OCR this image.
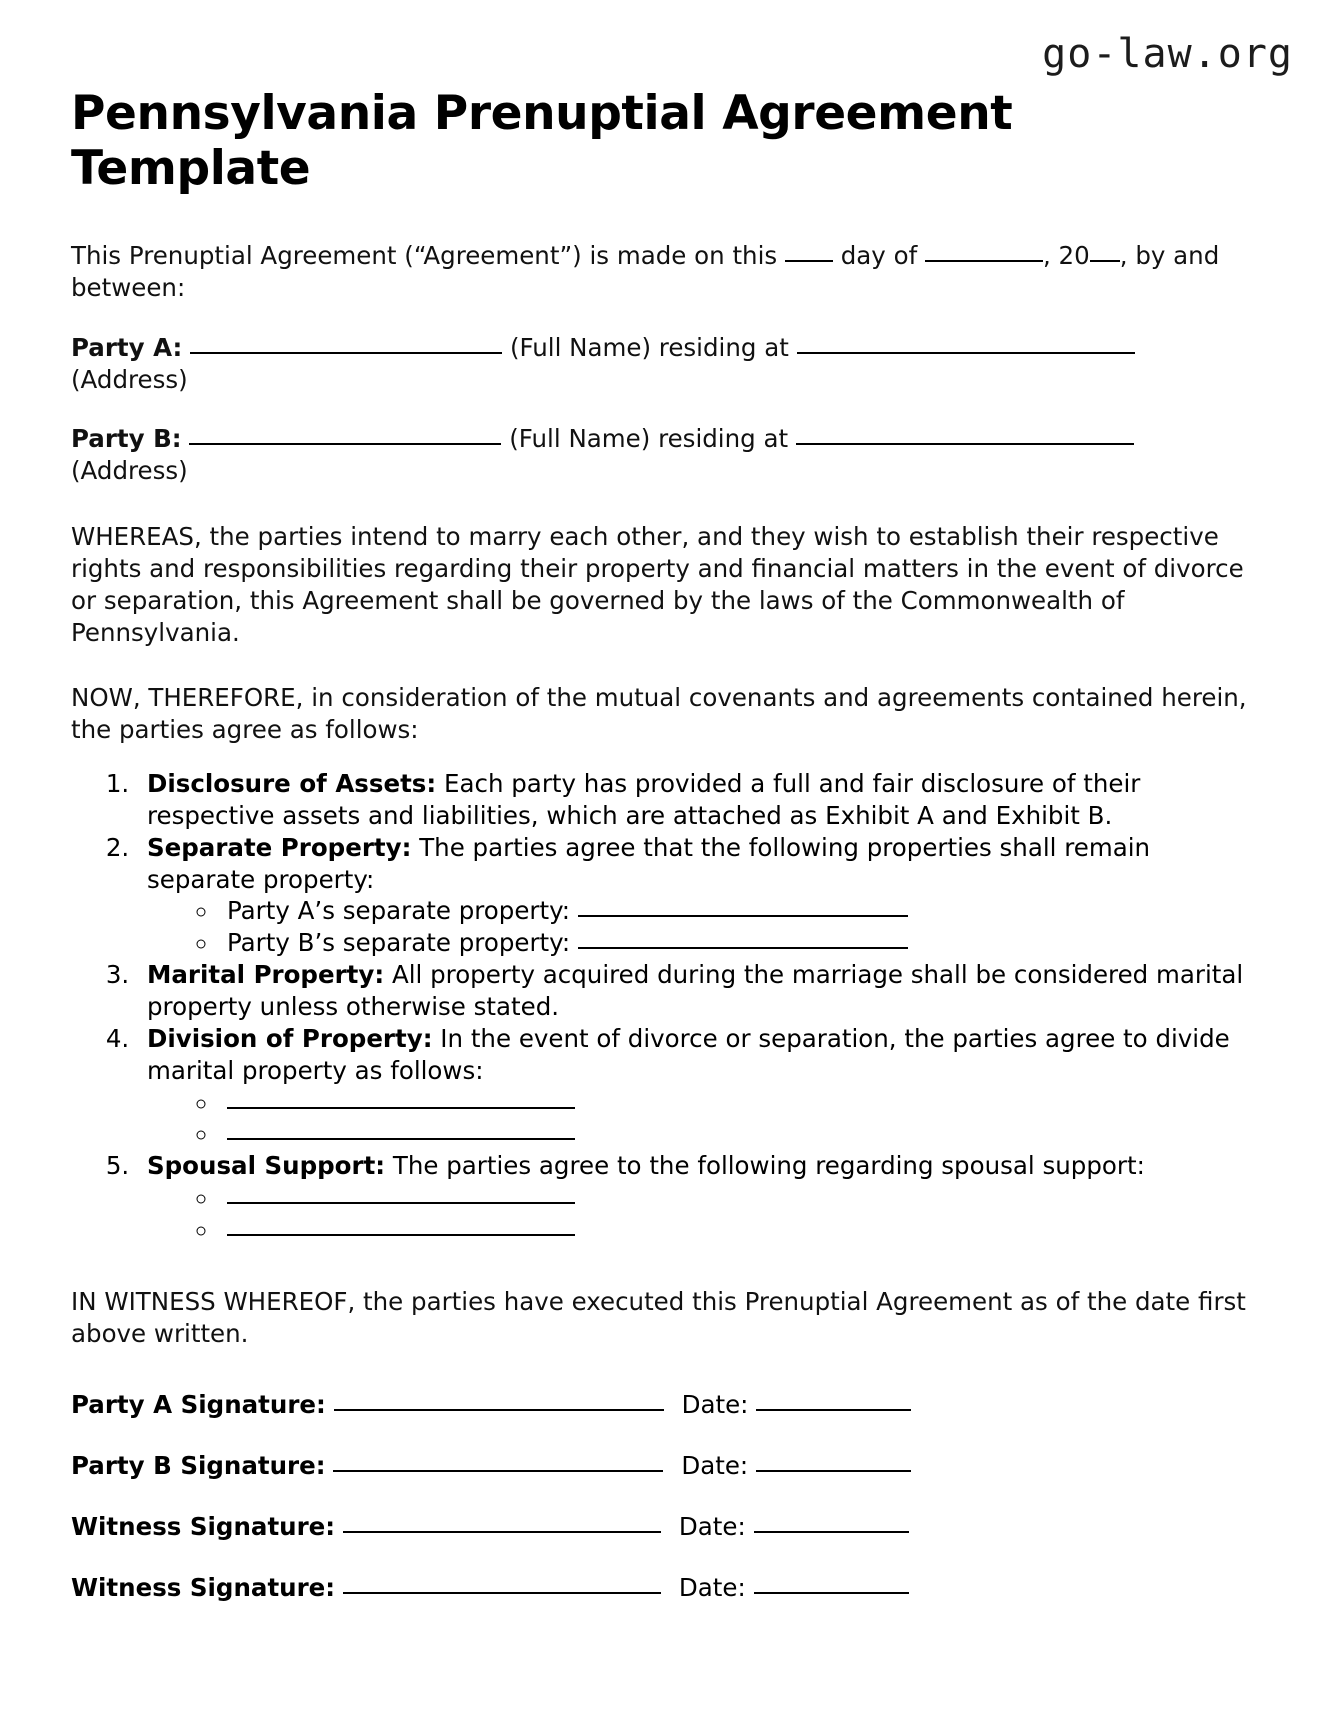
go-law.org
Pennsylvania Prenuptial Agreement Template

This Prenuptial Agreement (“Agreement”) is made on this  day of	, 20 , by and between:

Party A:	(Full Name) residing at
(Address)

Party B:	(Full Name) residing at
(Address)

WHEREAS, the parties intend to marry each other, and they wish to establish their respective rights and responsibilities regarding their property and financial matters in the event of divorce or separation, this Agreement shall be governed by the laws of the Commonwealth of Pennsylvania.

NOW, THEREFORE, in consideration of the mutual covenants and agreements contained herein, the parties agree as follows:

1. Disclosure of Assets: Each party has provided a full and fair disclosure of their respective assets and liabilities, which are attached as Exhibit A and Exhibit B.
2. Separate Property: The parties agree that the following properties shall remain separate property:
◦ Party A’s separate property:
◦ Party B’s separate property:
3. Marital Property: All property acquired during the marriage shall be considered marital property unless otherwise stated.
4. Division of Property: In the event of divorce or separation, the parties agree to divide marital property as follows:
◦
◦
5. Spousal Support: The parties agree to the following regarding spousal support:
◦
◦

IN WITNESS WHEREOF, the parties have executed this Prenuptial Agreement as of the date first above written.

Party A Signature:	Date:

Party B Signature:	Date:

Witness Signature:	Date:

Witness Signature:	Date:
